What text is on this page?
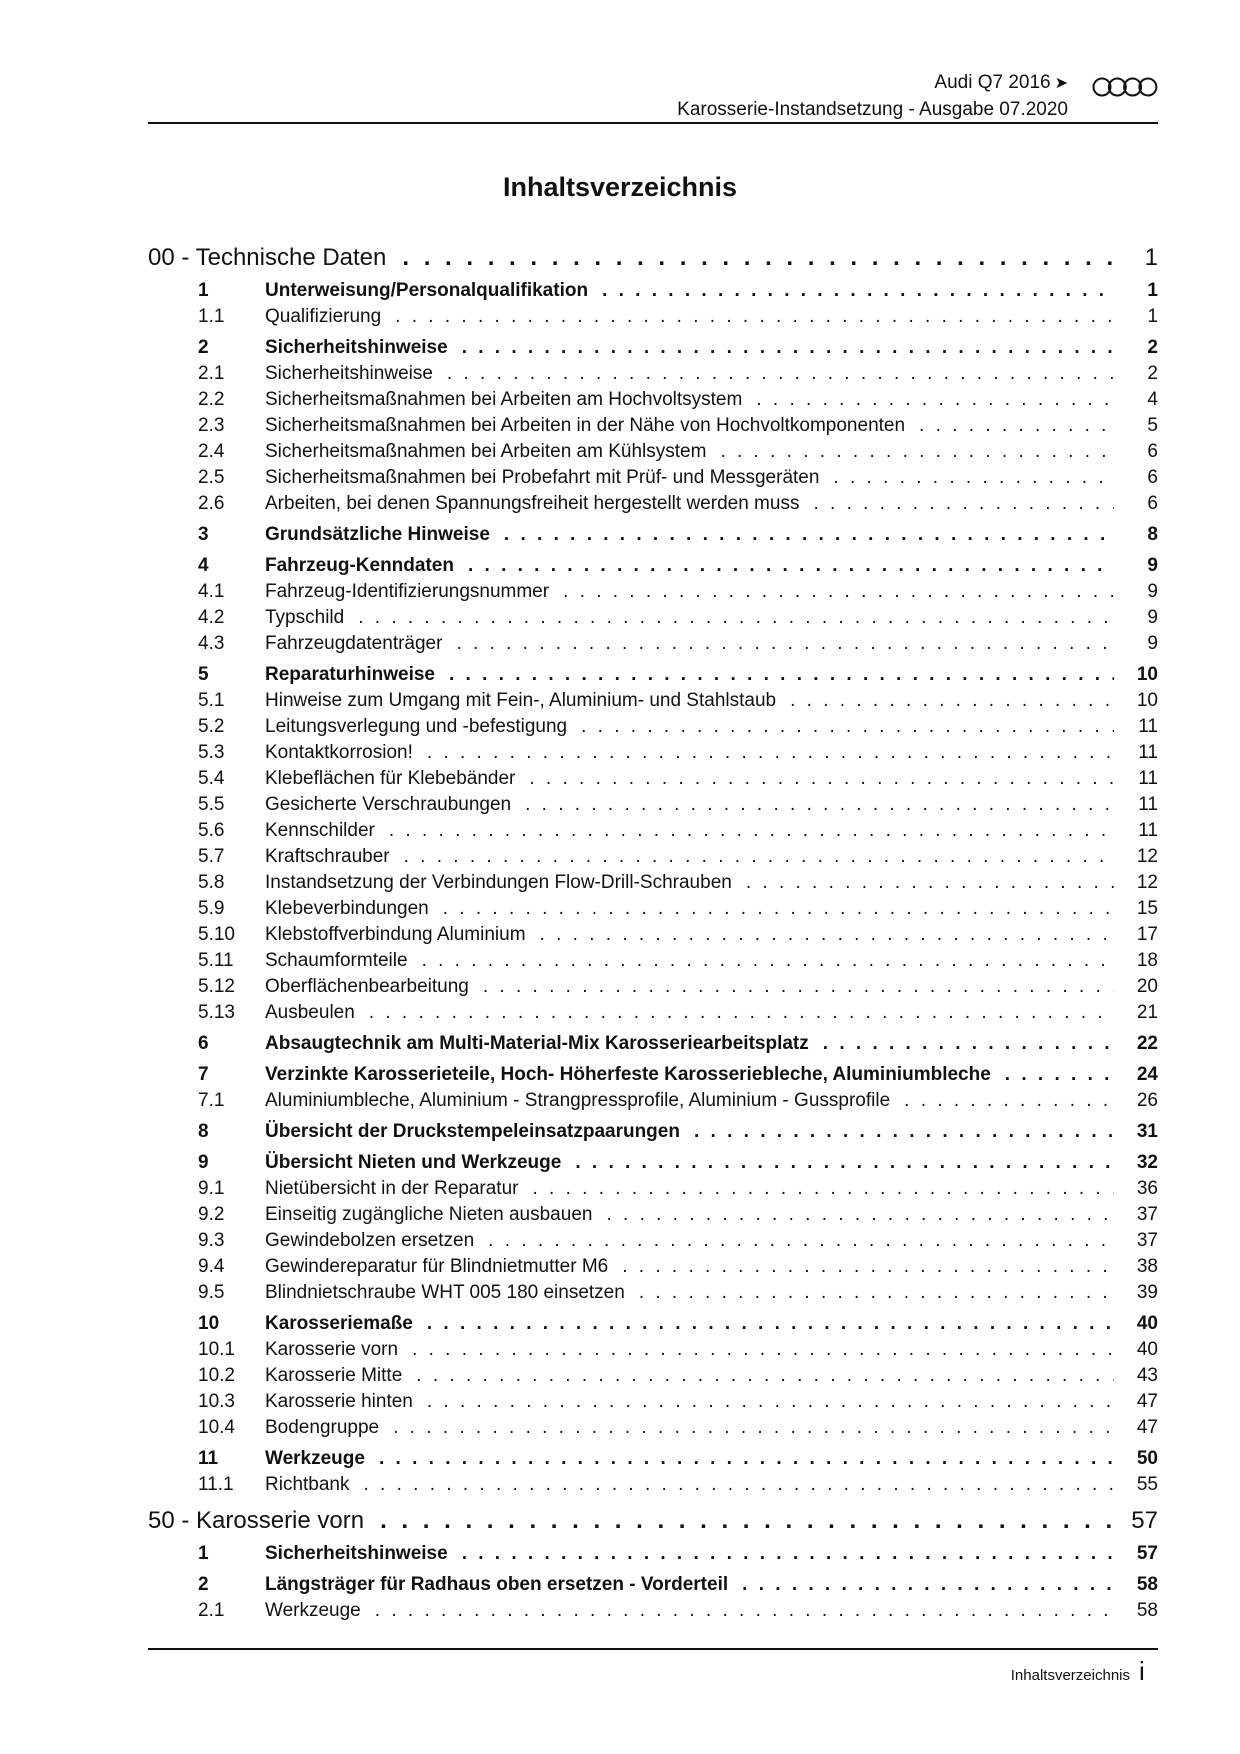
Audi Q7 2016 ➤
Karosserie-Instandsetzung - Ausgabe 07.2020
Inhaltsverzeichnis
00 - Technische Daten . . .	1
1	Unterweisung/Personalqualifikation . . .	1
1.1	Qualifizierung . . .	1
2	Sicherheitshinweise . . .	2
2.1	Sicherheitshinweise . . .	2
2.2	Sicherheitsmaßnahmen bei Arbeiten am Hochvoltsystem . . .	4
2.3	Sicherheitsmaßnahmen bei Arbeiten in der Nähe von Hochvoltkomponenten . . .	5
2.4	Sicherheitsmaßnahmen bei Arbeiten am Kühlsystem . . .	6
2.5	Sicherheitsmaßnahmen bei Probefahrt mit Prüf- und Messgeräten . . .	6
2.6	Arbeiten, bei denen Spannungsfreiheit hergestellt werden muss . . .	6
3	Grundsätzliche Hinweise . . .	8
4	Fahrzeug-Kenndaten . . .	9
4.1	Fahrzeug-Identifizierungsnummer . . .	9
4.2	Typschild . . .	9
4.3	Fahrzeugdatenträger . . .	9
5	Reparaturhinweise . . .	10
5.1	Hinweise zum Umgang mit Fein-, Aluminium- und Stahlstaub . . .	10
5.2	Leitungsverlegung und -befestigung . . .	11
5.3	Kontaktkorrosion! . . .	11
5.4	Klebeflächen für Klebebänder . . .	11
5.5	Gesicherte Verschraubungen . . .	11
5.6	Kennschilder . . .	11
5.7	Kraftschrauber . . .	12
5.8	Instandsetzung der Verbindungen Flow-Drill-Schrauben . . .	12
5.9	Klebeverbindungen . . .	15
5.10	Klebstoffverbindung Aluminium . . .	17
5.11	Schaumformteile . . .	18
5.12	Oberflächenbearbeitung . . .	20
5.13	Ausbeulen . . .	21
6	Absaugtechnik am Multi-Material-Mix Karosseriearbeitsplatz . . .	22
7	Verzinkte Karosserieteile, Hoch- Höherfeste Karosseriebleche, Aluminiumbleche . . .	24
7.1	Aluminiumbleche, Aluminium - Strangpressprofile, Aluminium - Gussprofile . . .	26
8	Übersicht der Druckstempeleinsatzpaarungen . . .	31
9	Übersicht Nieten und Werkzeuge . . .	32
9.1	Nietübersicht in der Reparatur . . .	36
9.2	Einseitig zugängliche Nieten ausbauen . . .	37
9.3	Gewindebolzen ersetzen . . .	37
9.4	Gewindereparatur für Blindnietmutter M6 . . .	38
9.5	Blindnietschraube WHT 005 180 einsetzen . . .	39
10	Karosseriemaße . . .	40
10.1	Karosserie vorn . . .	40
10.2	Karosserie Mitte . . .	43
10.3	Karosserie hinten . . .	47
10.4	Bodengruppe . . .	47
11	Werkzeuge . . .	50
11.1	Richtbank . . .	55
50 - Karosserie vorn . . .	57
1	Sicherheitshinweise . . .	57
2	Längsträger für Radhaus oben ersetzen - Vorderteil . . .	58
2.1	Werkzeuge . . .	58
Inhaltsverzeichnis i
